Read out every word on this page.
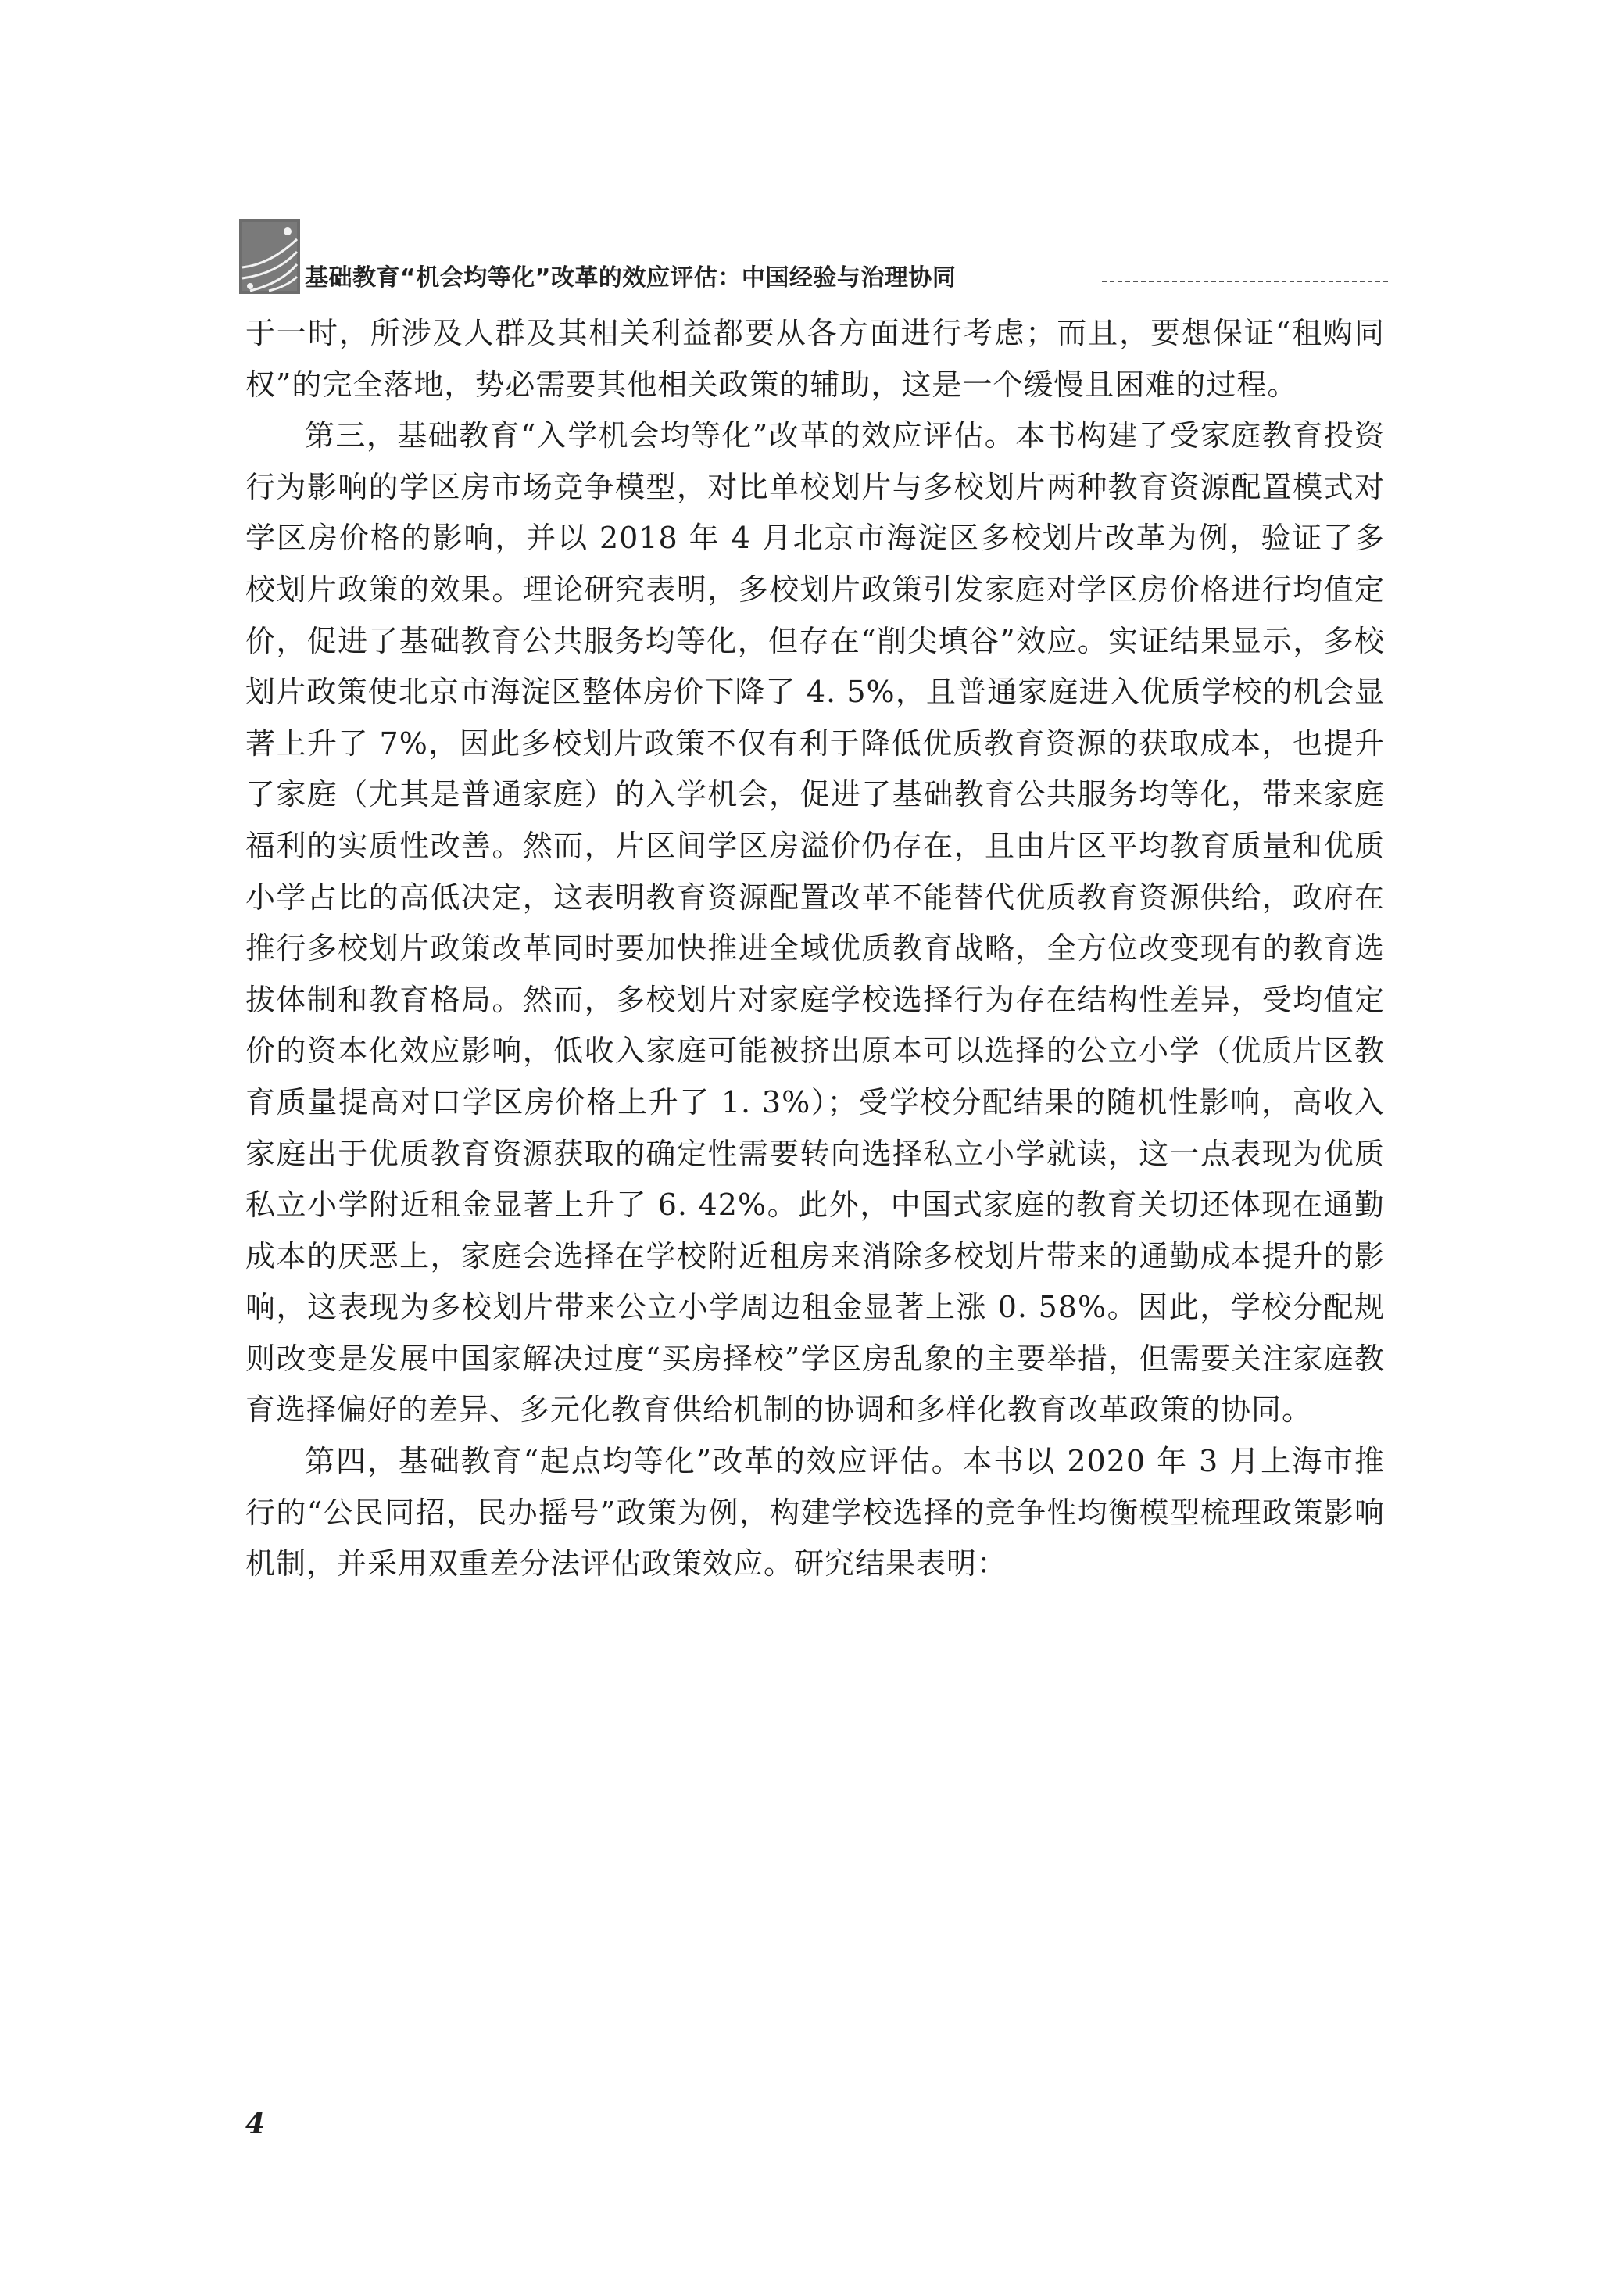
基础教育“机会均等化”改革的效应评估：中国经验与治理协同

于一时，所涉及人群及其相关利益都要从各方面进行考虑；而且，要想保证“租购同权”的完全落地，势必需要其他相关政策的辅助，这是一个缓慢且困难的过程。

第三，基础教育“入学机会均等化”改革的效应评估。本书构建了受家庭教育投资行为影响的学区房市场竞争模型，对比单校划片与多校划片两种教育资源配置模式对学区房价格的影响，并以 2018 年 4 月北京市海淀区多校划片改革为例，验证了多校划片政策的效果。理论研究表明，多校划片政策引发家庭对学区房价格进行均值定价，促进了基础教育公共服务均等化，但存在“削尖填谷”效应。实证结果显示，多校划片政策使北京市海淀区整体房价下降了 4. 5%，且普通家庭进入优质学校的机会显著上升了 7%，因此多校划片政策不仅有利于降低优质教育资源的获取成本，也提升了家庭（尤其是普通家庭）的入学机会，促进了基础教育公共服务均等化，带来家庭福利的实质性改善。然而，片区间学区房溢价仍存在，且由片区平均教育质量和优质小学占比的高低决定，这表明教育资源配置改革不能替代优质教育资源供给，政府在推行多校划片政策改革同时要加快推进全域优质教育战略，全方位改变现有的教育选拔体制和教育格局。然而，多校划片对家庭学校选择行为存在结构性差异，受均值定价的资本化效应影响，低收入家庭可能被挤出原本可以选择的公立小学（优质片区教育质量提高对口学区房价格上升了 1. 3%）；受学校分配结果的随机性影响，高收入家庭出于优质教育资源获取的确定性需要转向选择私立小学就读，这一点表现为优质私立小学附近租金显著上升了 6. 42%。此外，中国式家庭的教育关切还体现在通勤成本的厌恶上，家庭会选择在学校附近租房来消除多校划片带来的通勤成本提升的影响，这表现为多校划片带来公立小学周边租金显著上涨 0. 58%。因此，学校分配规则改变是发展中国家解决过度“买房择校”学区房乱象的主要举措，但需要关注家庭教育选择偏好的差异、多元化教育供给机制的协调和多样化教育改革政策的协同。

第四，基础教育“起点均等化”改革的效应评估。本书以 2020 年 3 月上海市推行的“公民同招，民办摇号”政策为例，构建学校选择的竞争性均衡模型梳理政策影响机制，并采用双重差分法评估政策效应。研究结果表明：

4
